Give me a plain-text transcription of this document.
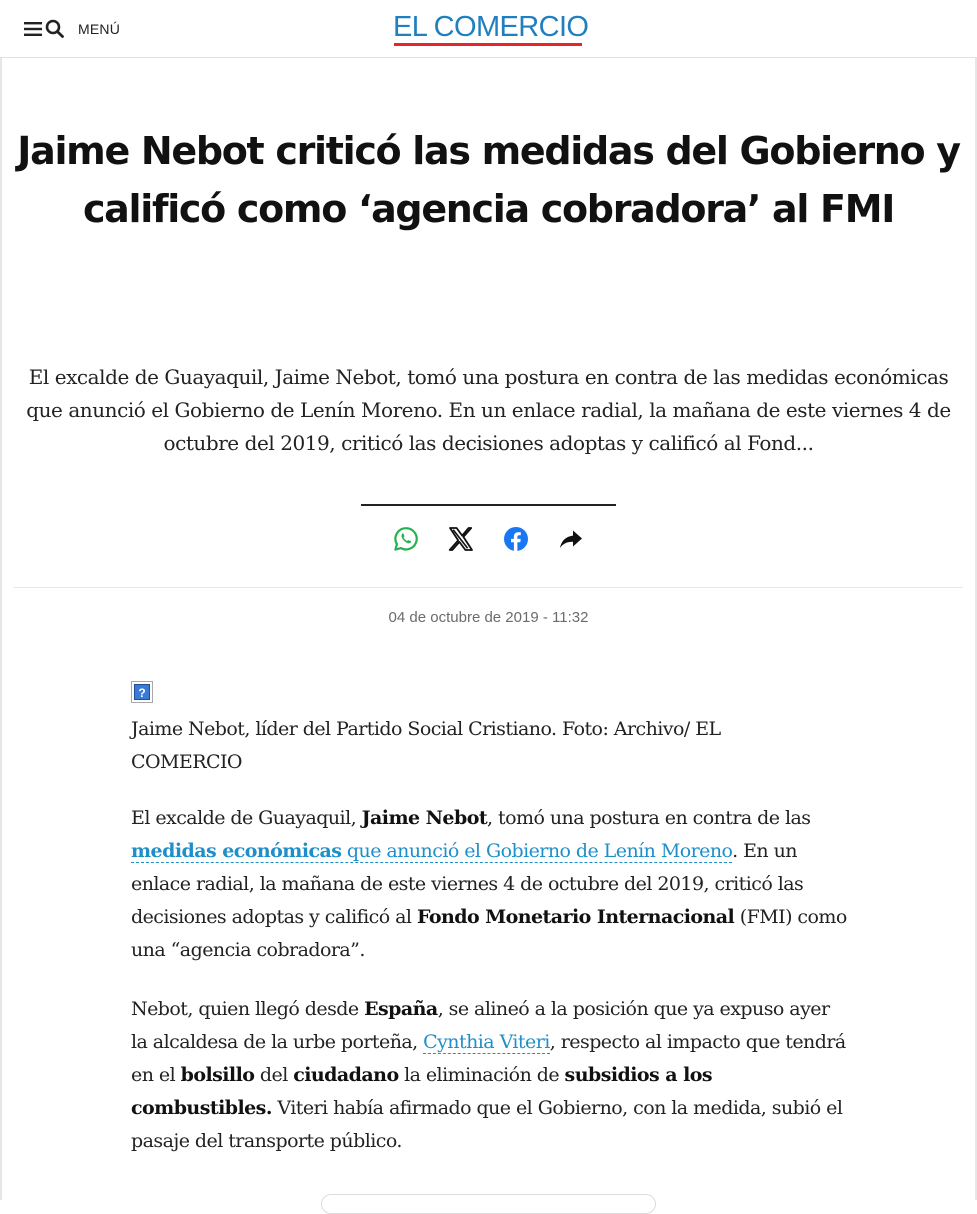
MENÚ	EL COMERCIO
Jaime Nebot criticó las medidas del Gobierno y
calificó como ‘agencia cobradora’ al FMI

El excalde de Guayaquil, Jaime Nebot, tomó una postura en contra de las medidas económicas que anunció el Gobierno de Lenín Moreno. En un enlace radial, la mañana de este viernes 4 de octubre del 2019, criticó las decisiones adoptas y calificó al Fond...

04 de octubre de 2019 - 11:32
?

Jaime Nebot, líder del Partido Social Cristiano. Foto: Archivo/ EL COMERCIO

El excalde de Guayaquil, Jaime Nebot, tomó una postura en contra de las medidas económicas que anunció el Gobierno de Lenín Moreno. En un enlace radial, la mañana de este viernes 4 de octubre del 2019, criticó las decisiones adoptas y calificó al Fondo Monetario Internacional (FMI) como una “agencia cobradora”.

Nebot, quien llegó desde España, se alineó a la posición que ya expuso ayer la alcaldesa de la urbe porteña, Cynthia Viteri, respecto al impacto que tendrá en el bolsillo del ciudadano la eliminación de subsidios a los combustibles. Viteri había afirmado que el Gobierno, con la medida, subió el pasaje del transporte público.
